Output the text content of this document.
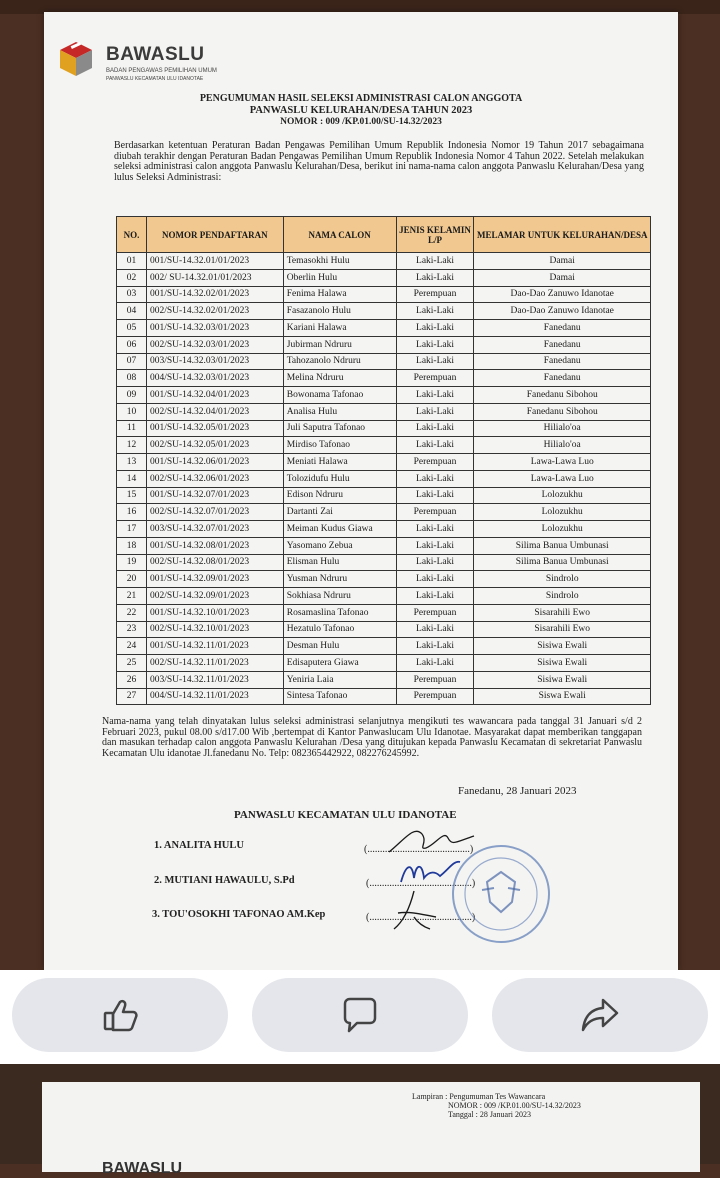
BAWASLU
BADAN PENGAWAS PEMILIHAN UMUM
PANWASLU KECAMATAN ULU IDANOTAE
PENGUMUMAN HASIL SELEKSI ADMINISTRASI CALON ANGGOTA
PANWASLU KELURAHAN/DESA TAHUN 2023
NOMOR : 009 /KP.01.00/SU-14.32/2023
Berdasarkan ketentuan Peraturan Badan Pengawas Pemilihan Umum Republik Indonesia Nomor 19 Tahun 2017 sebagaimana diubah terakhir dengan Peraturan Badan Pengawas Pemilihan Umum Republik Indonesia Nomor 4 Tahun 2022. Setelah melakukan seleksi administrasi calon anggota Panwaslu Kelurahan/Desa, berikut ini nama-nama calon anggota Panwaslu Kelurahan/Desa yang lulus Seleksi Administrasi:
NO.	NOMOR PENDAFTARAN	NAMA CALON	JENIS KELAMIN L/P	MELAMAR UNTUK KELURAHAN/DESA
01	001/SU-14.32.01/01/2023	Temasokhi Hulu	Laki-Laki	Damai
02	002/ SU-14.32.01/01/2023	Oberlin Hulu	Laki-Laki	Damai
03	001/SU-14.32.02/01/2023	Fenima Halawa	Perempuan	Dao-Dao Zanuwo Idanotae
04	002/SU-14.32.02/01/2023	Fasazanolo Hulu	Laki-Laki	Dao-Dao Zanuwo Idanotae
05	001/SU-14.32.03/01/2023	Kariani Halawa	Laki-Laki	Fanedanu
06	002/SU-14.32.03/01/2023	Jubirman Ndruru	Laki-Laki	Fanedanu
07	003/SU-14.32.03/01/2023	Tahozanolo Ndruru	Laki-Laki	Fanedanu
08	004/SU-14.32.03/01/2023	Melina Ndruru	Perempuan	Fanedanu
09	001/SU-14.32.04/01/2023	Bowonama Tafonao	Laki-Laki	Fanedanu Sibohou
10	002/SU-14.32.04/01/2023	Analisa Hulu	Laki-Laki	Fanedanu Sibohou
11	001/SU-14.32.05/01/2023	Juli Saputra Tafonao	Laki-Laki	Hilialo'oa
12	002/SU-14.32.05/01/2023	Mirdiso Tafonao	Laki-Laki	Hilialo'oa
13	001/SU-14.32.06/01/2023	Meniati Halawa	Perempuan	Lawa-Lawa Luo
14	002/SU-14.32.06/01/2023	Tolozidufu Hulu	Laki-Laki	Lawa-Lawa Luo
15	001/SU-14.32.07/01/2023	Edison Ndruru	Laki-Laki	Lolozukhu
16	002/SU-14.32.07/01/2023	Dartanti Zai	Perempuan	Lolozukhu
17	003/SU-14.32.07/01/2023	Meiman Kudus Giawa	Laki-Laki	Lolozukhu
18	001/SU-14.32.08/01/2023	Yasomano Zebua	Laki-Laki	Silima Banua Umbunasi
19	002/SU-14.32.08/01/2023	Elisman Hulu	Laki-Laki	Silima Banua Umbunasi
20	001/SU-14.32.09/01/2023	Yusman Ndruru	Laki-Laki	Sindrolo
21	002/SU-14.32.09/01/2023	Sokhiasa Ndruru	Laki-Laki	Sindrolo
22	001/SU-14.32.10/01/2023	Rosamaslina Tafonao	Perempuan	Sisarahili Ewo
23	002/SU-14.32.10/01/2023	Hezatulo Tafonao	Laki-Laki	Sisarahili Ewo
24	001/SU-14.32.11/01/2023	Desman Hulu	Laki-Laki	Sisiwa Ewali
25	002/SU-14.32.11/01/2023	Edisaputera Giawa	Laki-Laki	Sisiwa Ewali
26	003/SU-14.32.11/01/2023	Yeniria Laia	Perempuan	Sisiwa Ewali
27	004/SU-14.32.11/01/2023	Sintesa Tafonao	Perempuan	Siswa Ewali
Nama-nama yang telah dinyatakan lulus seleksi administrasi selanjutnya mengikuti tes wawancara pada tanggal 31 Januari s/d 2 Februari 2023, pukul 08.00 s/d17.00 Wib ,bertempat di Kantor Panwaslucam Ulu Idanotae. Masyarakat dapat memberikan tanggapan dan masukan terhadap calon anggota Panwaslu Kelurahan /Desa yang ditujukan kepada Panwaslu Kecamatan di sekretariat Panwaslu Kecamatan Ulu idanotae Jl.fanedanu No. Telp: 082365442922, 082276245992.
Fanedanu, 28 Januari 2023
PANWASLU KECAMATAN ULU IDANOTAE
1. ANALITA HULU	(.........................................)
2. MUTIANI HAWAULU, S.Pd	(.........................................)
3. TOU'OSOKHI TAFONAO AM.Kep	(.........................................)
Lampiran : Pengumuman Tes Wawancara
NOMOR : 009 /KP.01.00/SU-14.32/2023
Tanggal : 28 Januari 2023
BAWASLU
